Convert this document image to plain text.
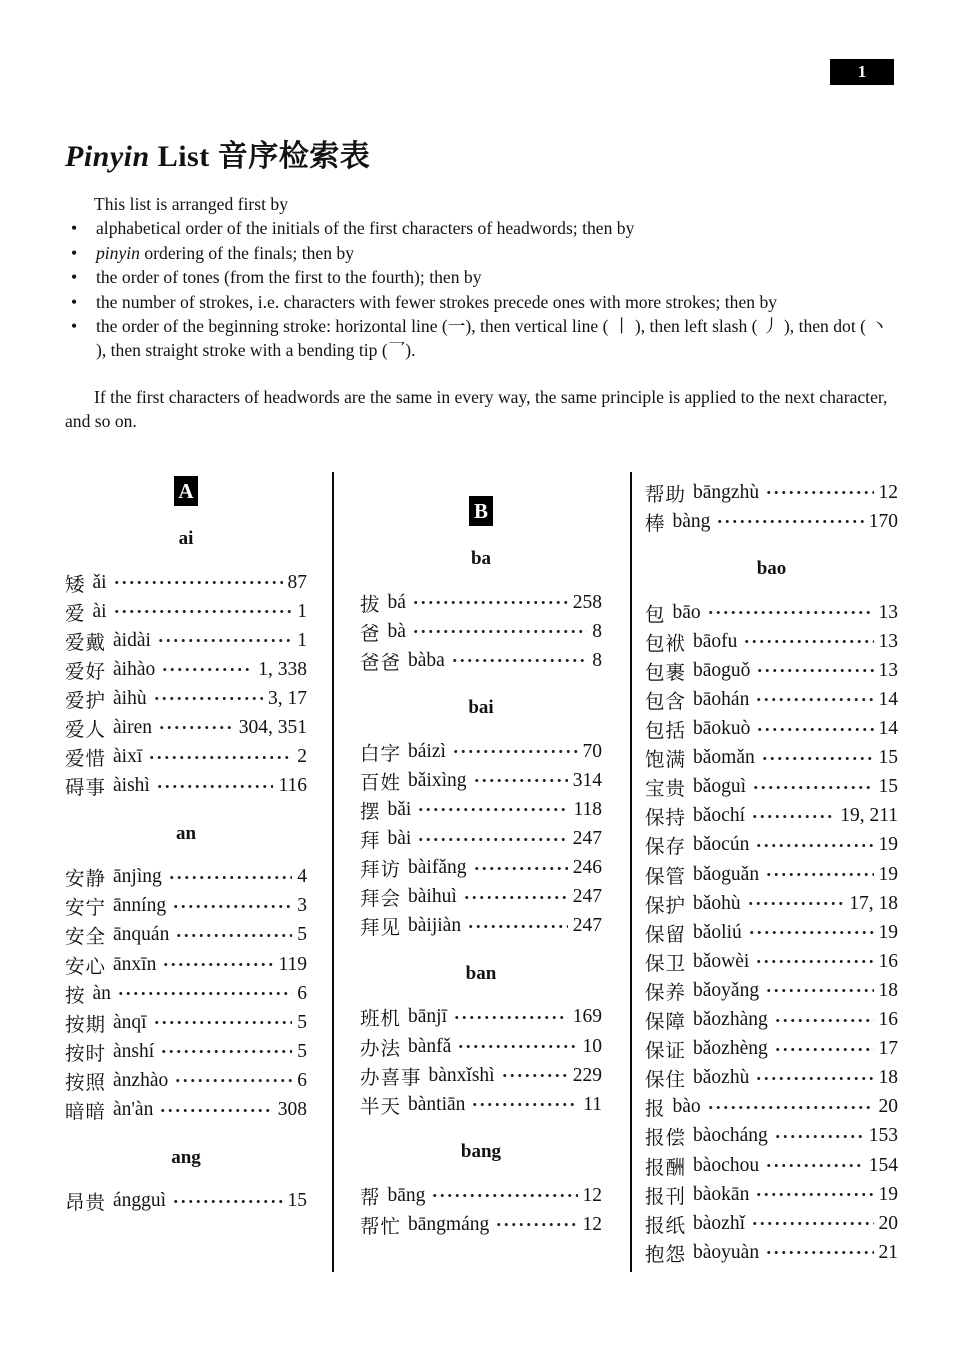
1
Pinyin List 音序检索表

This list is arranged first by

• alphabetical order of the initials of the first characters of headwords; then by
• pinyin ordering of the finals; then by
• the order of tones (from the first to the fourth); then by
• the number of strokes, i.e. characters with fewer strokes precede ones with more strokes; then by
• the order of the beginning stroke: horizontal line (一), then vertical line ( 丨 ), then left slash ( 丿 ), then dot ( 丶 ), then straight stroke with a bending tip (乛).

If the first characters of headwords are the same in every way, the same principle is applied to the next character, and so on.

A
ai
矮 ǎi	87
爱 ài	1
爱戴 àidài	1
爱好 àihào	1, 338
爱护 àihù	3, 17
爱人 àiren	304, 351
爱惜 àixī	2
碍事 àishì	116
an
安静 ānjìng	4
安宁 ānníng	3
安全 ānquán	5
安心 ānxīn	119
按 àn	6
按期 ànqī	5
按时 ànshí	5
按照 ànzhào	6
暗暗 àn'àn	308
ang
昂贵 ángguì	15
B
ba
拔 bá	258
爸 bà	8
爸爸 bàba	8
bai
白字 báizì	70
百姓 bǎixìng	314
摆 bǎi	118
拜 bài	247
拜访 bàifǎng	246
拜会 bàihuì	247
拜见 bàijiàn	247
ban
班机 bānjī	169
办法 bànfǎ	10
办喜事 bànxǐshì	229
半天 bàntiān	11
bang
帮 bāng	12
帮忙 bāngmáng	12
帮助 bāngzhù	12
棒 bàng	170
bao
包 bāo	13
包袱 bāofu	13
包裹 bāoguǒ	13
包含 bāohán	14
包括 bāokuò	14
饱满 bǎomǎn	15
宝贵 bǎoguì	15
保持 bǎochí	19, 211
保存 bǎocún	19
保管 bǎoguǎn	19
保护 bǎohù	17, 18
保留 bǎoliú	19
保卫 bǎowèi	16
保养 bǎoyǎng	18
保障 bǎozhàng	16
保证 bǎozhèng	17
保住 bǎozhù	18
报 bào	20
报偿 bàocháng	153
报酬 bàochou	154
报刊 bàokān	19
报纸 bàozhǐ	20
抱怨 bàoyuàn	21
